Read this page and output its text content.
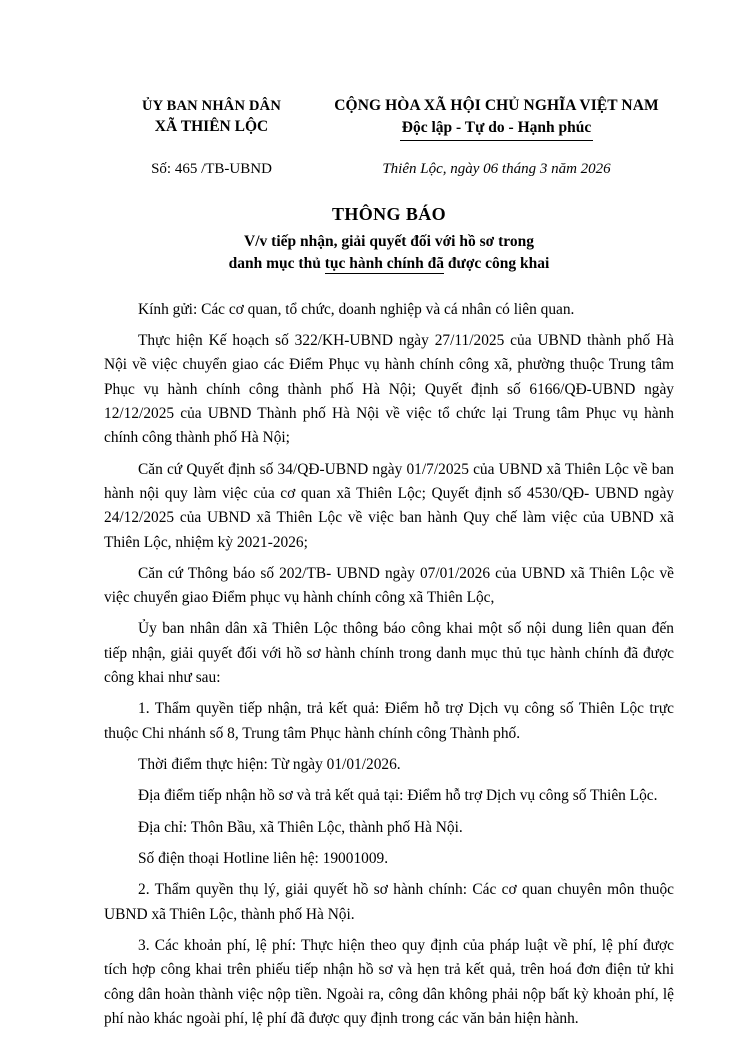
ỦY BAN NHÂN DÂN
XÃ THIÊN LỘC
CỘNG HÒA XÃ HỘI CHỦ NGHĨA VIỆT NAM
Độc lập - Tự do - Hạnh phúc
Số: 465 /TB-UBND	Thiên Lộc, ngày 06 tháng 3 năm 2026
THÔNG BÁO
V/v tiếp nhận, giải quyết đối với hồ sơ trong
danh mục thủ tục hành chính đã được công khai

Kính gửi: Các cơ quan, tổ chức, doanh nghiệp và cá nhân có liên quan.

Thực hiện Kế hoạch số 322/KH-UBND ngày 27/11/2025 của UBND thành phố Hà Nội về việc chuyển giao các Điểm Phục vụ hành chính công xã, phường thuộc Trung tâm Phục vụ hành chính công thành phố Hà Nội; Quyết định số 6166/QĐ-UBND ngày 12/12/2025 của UBND Thành phố Hà Nội về việc tổ chức lại Trung tâm Phục vụ hành chính công thành phố Hà Nội;

Căn cứ Quyết định số 34/QĐ-UBND ngày 01/7/2025 của UBND xã Thiên Lộc về ban hành nội quy làm việc của cơ quan xã Thiên Lộc; Quyết định số 4530/QĐ- UBND ngày 24/12/2025 của UBND xã Thiên Lộc về việc ban hành Quy chế làm việc của UBND xã Thiên Lộc, nhiệm kỳ 2021-2026;

Căn cứ Thông báo số 202/TB- UBND ngày 07/01/2026 của UBND xã Thiên Lộc về việc chuyển giao Điểm phục vụ hành chính công xã Thiên Lộc,

Ủy ban nhân dân xã Thiên Lộc thông báo công khai một số nội dung liên quan đến tiếp nhận, giải quyết đối với hồ sơ hành chính trong danh mục thủ tục hành chính đã được công khai như sau:

1. Thẩm quyền tiếp nhận, trả kết quả: Điểm hỗ trợ Dịch vụ công số Thiên Lộc trực thuộc Chi nhánh số 8, Trung tâm Phục hành chính công Thành phố.

Thời điểm thực hiện: Từ ngày 01/01/2026.

Địa điểm tiếp nhận hồ sơ và trả kết quả tại: Điểm hỗ trợ Dịch vụ công số Thiên Lộc.

Địa chỉ: Thôn Bầu, xã Thiên Lộc, thành phố Hà Nội.

Số điện thoại Hotline liên hệ: 19001009.

2. Thẩm quyền thụ lý, giải quyết hồ sơ hành chính: Các cơ quan chuyên môn thuộc UBND xã Thiên Lộc, thành phố Hà Nội.

3. Các khoản phí, lệ phí: Thực hiện theo quy định của pháp luật về phí, lệ phí được tích hợp công khai trên phiếu tiếp nhận hồ sơ và hẹn trả kết quả, trên hoá đơn điện tử khi công dân hoàn thành việc nộp tiền. Ngoài ra, công dân không phải nộp bất kỳ khoản phí, lệ phí nào khác ngoài phí, lệ phí đã được quy định trong các văn bản hiện hành.
